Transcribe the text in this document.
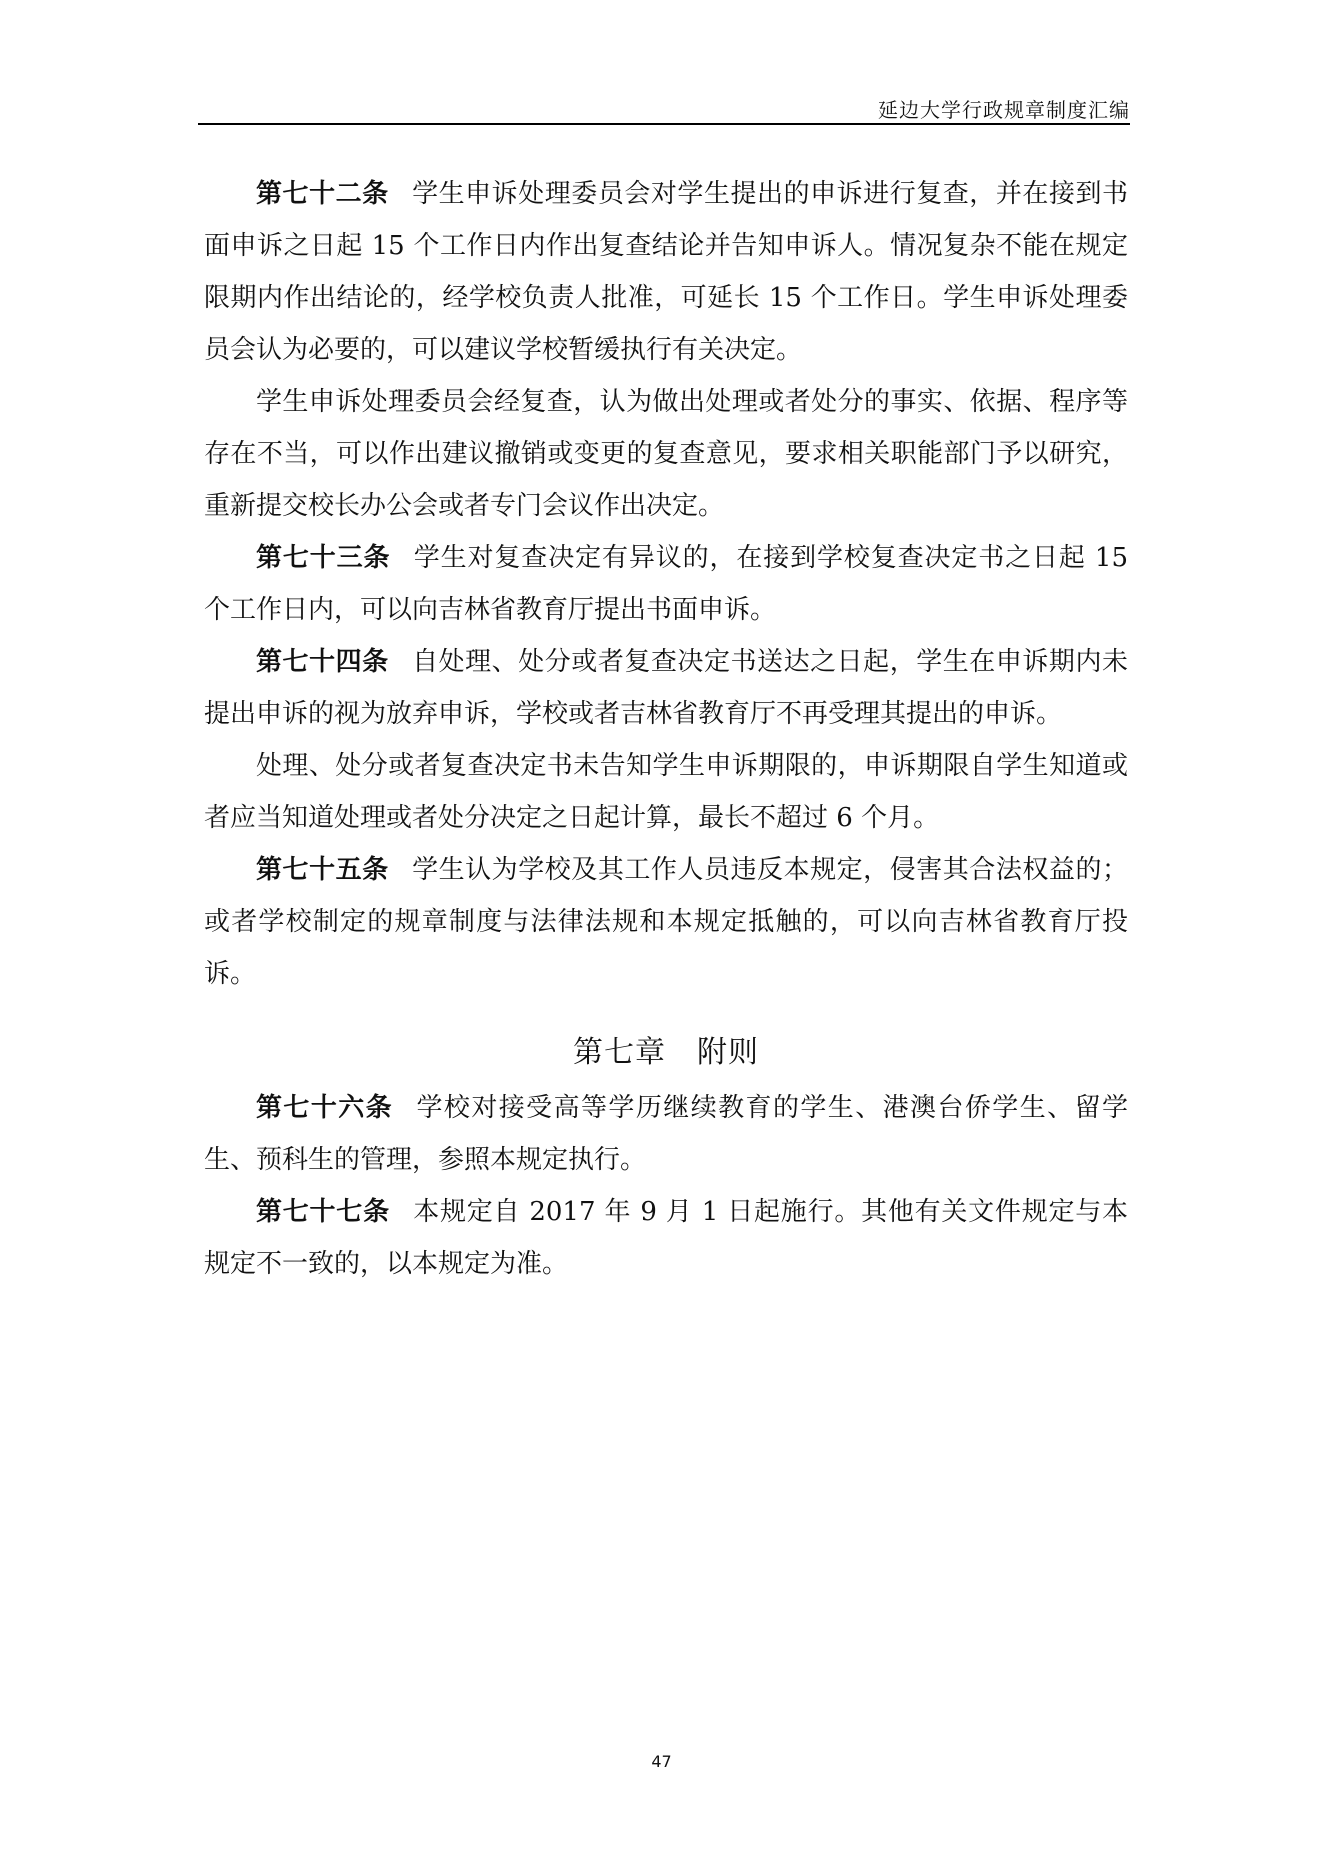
延边大学行政规章制度汇编

第七十二条 学生申诉处理委员会对学生提出的申诉进行复查，并在接到书面申诉之日起 15 个工作日内作出复查结论并告知申诉人。情况复杂不能在规定限期内作出结论的，经学校负责人批准，可延长 15 个工作日。学生申诉处理委员会认为必要的，可以建议学校暂缓执行有关决定。

学生申诉处理委员会经复查，认为做出处理或者处分的事实、依据、程序等存在不当，可以作出建议撤销或变更的复查意见，要求相关职能部门予以研究，重新提交校长办公会或者专门会议作出决定。

第七十三条 学生对复查决定有异议的，在接到学校复查决定书之日起 15 个工作日内，可以向吉林省教育厅提出书面申诉。

第七十四条 自处理、处分或者复查决定书送达之日起，学生在申诉期内未提出申诉的视为放弃申诉，学校或者吉林省教育厅不再受理其提出的申诉。

处理、处分或者复查决定书未告知学生申诉期限的，申诉期限自学生知道或者应当知道处理或者处分决定之日起计算，最长不超过 6 个月。

第七十五条 学生认为学校及其工作人员违反本规定，侵害其合法权益的；或者学校制定的规章制度与法律法规和本规定抵触的，可以向吉林省教育厅投诉。

第七章　附则

第七十六条 学校对接受高等学历继续教育的学生、港澳台侨学生、留学生、预科生的管理，参照本规定执行。

第七十七条 本规定自 2017 年 9 月 1 日起施行。其他有关文件规定与本规定不一致的，以本规定为准。

47
